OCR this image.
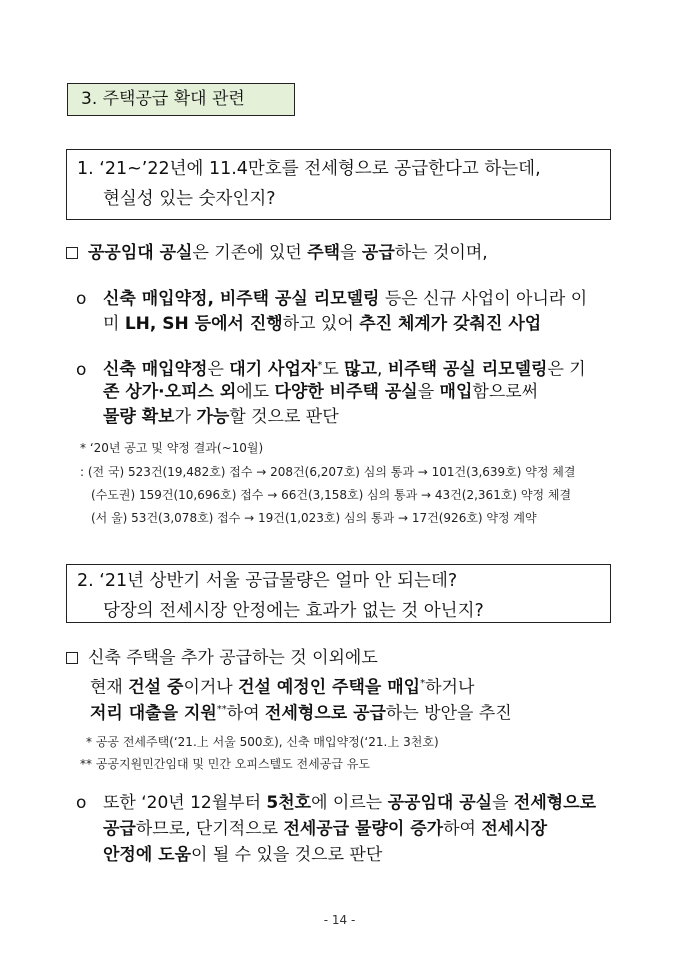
3. 주택공급 확대 관련
1. ‘21~’22년에 11.4만호를 전세형으로 공급한다고 하는데,
현실성 있는 숫자인지?
공공임대 공실은 기존에 있던 주택을 공급하는 것이며,
ο 신축 매입약정, 비주택 공실 리모델링 등은 신규 사업이 아니라 이
미 LH, SH 등에서 진행하고 있어 추진 체계가 갖춰진 사업
ο 신축 매입약정은 대기 사업자*도 많고, 비주택 공실 리모델링은 기
존 상가·오피스 외에도 다양한 비주택 공실을 매입함으로써
물량 확보가 가능할 것으로 판단
* ‘20년 공고 및 약정 결과(~10월)
: (전 국) 523건(19,482호) 접수 → 208건(6,207호) 심의 통과 → 101건(3,639호) 약정 체결
(수도권) 159건(10,696호) 접수 → 66건(3,158호) 심의 통과 → 43건(2,361호) 약정 체결
(서 울) 53건(3,078호) 접수 → 19건(1,023호) 심의 통과 → 17건(926호) 약정 계약
2. ‘21년 상반기 서울 공급물량은 얼마 안 되는데?
당장의 전세시장 안정에는 효과가 없는 것 아닌지?
신축 주택을 추가 공급하는 것 이외에도
현재 건설 중이거나 건설 예정인 주택을 매입*하거나
저리 대출을 지원**하여 전세형으로 공급하는 방안을 추진
* 공공 전세주택(‘21.上 서울 500호), 신축 매입약정(‘21.上 3천호)
** 공공지원민간임대 및 민간 오피스텔도 전세공급 유도
ο 또한 ‘20년 12월부터 5천호에 이르는 공공임대 공실을 전세형으로
공급하므로, 단기적으로 전세공급 물량이 증가하여 전세시장
안정에 도움이 될 수 있을 것으로 판단
- 14 -
